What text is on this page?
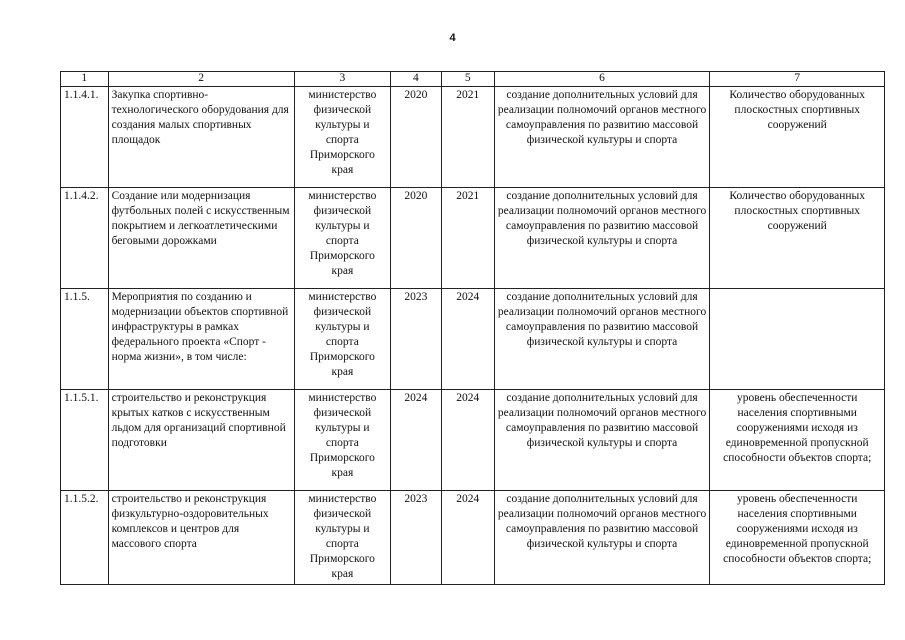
4
1	2	3	4	5	6	7
1.1.4.1.	Закупка спортивно-технологического оборудования для создания малых спортивных площадок	министерство физической культуры и спорта Приморского края	2020	2021	создание дополнительных условий для реализации полномочий органов местного самоуправления по развитию массовой физической культуры и спорта	Количество оборудованных плоскостных спортивных сооружений
1.1.4.2.	Создание или модернизация футбольных полей с искусственным покрытием и легкоатлетическими беговыми дорожками	министерство физической культуры и спорта Приморского края	2020	2021	создание дополнительных условий для реализации полномочий органов местного самоуправления по развитию массовой физической культуры и спорта	Количество оборудованных плоскостных спортивных сооружений
1.1.5.	Мероприятия по созданию и модернизации объектов спортивной инфраструктуры в рамках федерального проекта «Спорт - норма жизни», в том числе:	министерство физической культуры и спорта Приморского края	2023	2024	создание дополнительных условий для реализации полномочий органов местного самоуправления по развитию массовой физической культуры и спорта	
1.1.5.1.	строительство и реконструкция крытых катков с искусственным льдом для организаций спортивной подготовки	министерство физической культуры и спорта Приморского края	2024	2024	создание дополнительных условий для реализации полномочий органов местного самоуправления по развитию массовой физической культуры и спорта	уровень обеспеченности населения спортивными сооружениями исходя из единовременной пропускной способности объектов спорта;
1.1.5.2.	строительство и реконструкция физкультурно-оздоровительных комплексов и центров для массового спорта	министерство физической культуры и спорта Приморского края	2023	2024	создание дополнительных условий для реализации полномочий органов местного самоуправления по развитию массовой физической культуры и спорта	уровень обеспеченности населения спортивными сооружениями исходя из единовременной пропускной способности объектов спорта;
